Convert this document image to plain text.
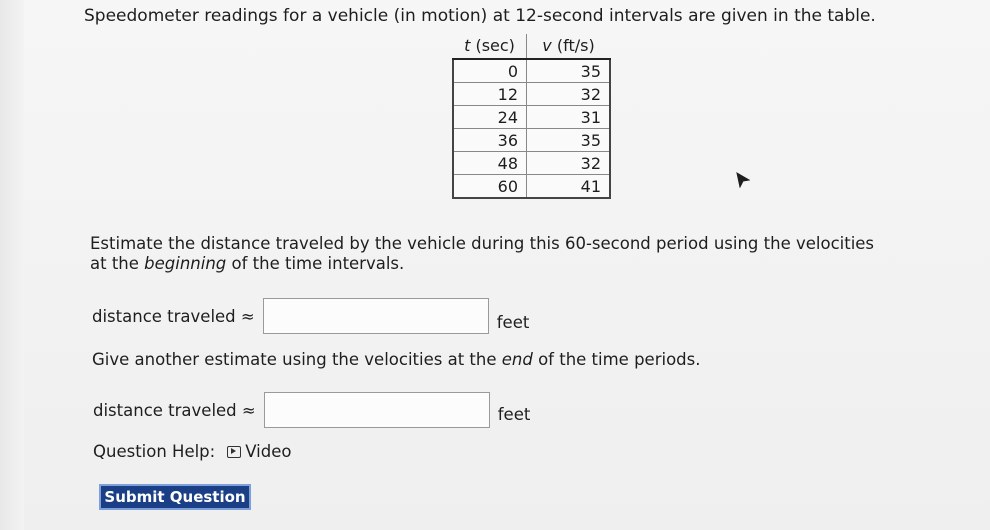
Speedometer readings for a vehicle (in motion) at 12-second intervals are given in the table.
t (sec)	v (ft/s)
0	35
12	32
24	31
36	35
48	32
60	41
Estimate the distance traveled by the vehicle during this 60-second period using the velocities at the beginning of the time intervals.
distance traveled ≈	feet
Give another estimate using the velocities at the end of the time periods.
distance traveled ≈	feet
Question Help: Video
Submit Question
